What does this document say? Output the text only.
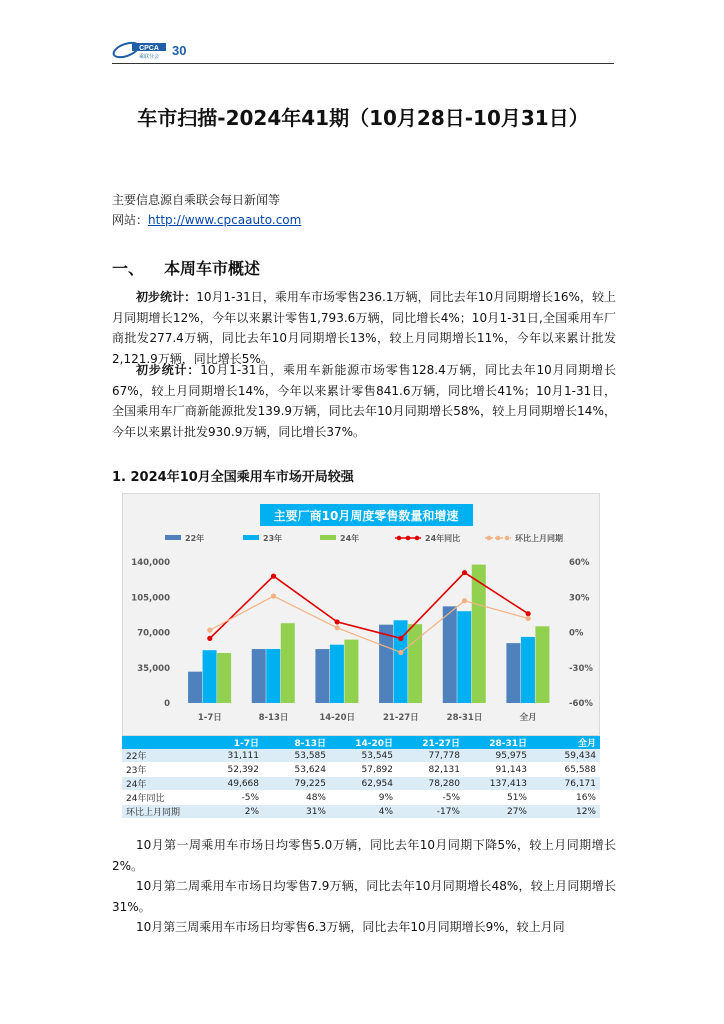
CPCA
乘联分会 30
车市扫描-2024年41期（10月28日-10月31日）
主要信息源自乘联会每日新闻等
网站：http://www.cpcaauto.com
一、 本周车市概述
初步统计：10月1-31日，乘用车市场零售236.1万辆，同比去年10月同期增长16%，较上月同期增长12%，今年以来累计零售1,793.6万辆，同比增长4%；10月1-31日,全国乘用车厂商批发277.4万辆，同比去年10月同期增长13%，较上月同期增长11%，今年以来累计批发2,121.9万辆，同比增长5%。
初步统计：10月1-31日，乘用车新能源市场零售128.4万辆，同比去年10月同期增长67%，较上月同期增长14%，今年以来累计零售841.6万辆，同比增长41%；10月1-31日，全国乘用车厂商新能源批发139.9万辆，同比去年10月同期增长58%，较上月同期增长14%，今年以来累计批发930.9万辆，同比增长37%。
1. 2024年10月全国乘用车市场开局较强
主要厂商10月周度零售数量和增速
0
35,000
70,000
105,000
140,000
-60%
-30%
0%
30%
60%
22年	23年	24年	24年同比	环比上月同期
1-7日	8-13日	14-20日	21-27日	28-31日	全月
	1-7日	8-13日	14-20日	21-27日	28-31日	全月
22年	31,111	53,585	53,545	77,778	95,975	59,434
23年	52,392	53,624	57,892	82,131	91,143	65,588
24年	49,668	79,225	62,954	78,280	137,413	76,171
24年同比	-5%	48%	9%	-5%	51%	16%
环比上月同期	2%	31%	4%	-17%	27%	12%
10月第一周乘用车市场日均零售5.0万辆，同比去年10月同期下降5%，较上月同期增长2%。
10月第二周乘用车市场日均零售7.9万辆，同比去年10月同期增长48%，较上月同期增长31%。
10月第三周乘用车市场日均零售6.3万辆，同比去年10月同期增长9%，较上月同
